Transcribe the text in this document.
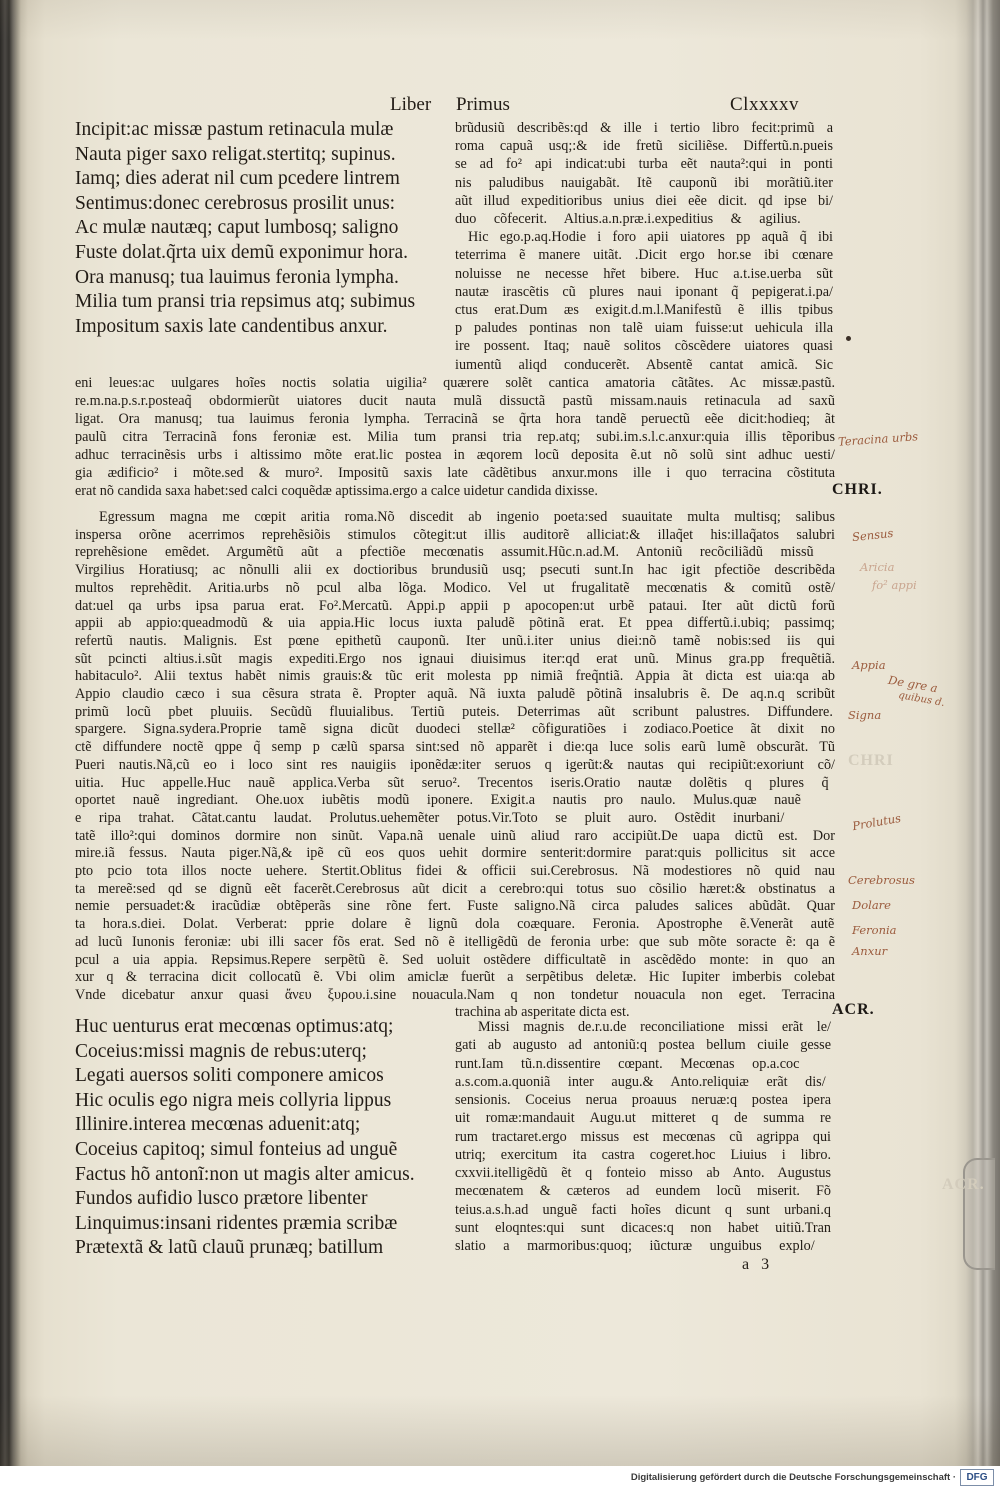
Liber Primus	Clxxxxv
Incipit:ac missæ pastum retinacula mulæ
Nauta piger saxo religat.stertitq; supinus.
Iamq; dies aderat nil cum pcedere lintrem
Sentimus:donec cerebrosus prosilit unus:
Ac mulæ nautæq; caput lumbosq; saligno
Fuste dolat.q̃rta uix demũ exponimur hora.
Ora manusq; tua lauimus feronia lympha.
Milia tum pransi tria repsimus atq; subimus
Impositum saxis late candentibus anxur.
brũdusiũ describẽs:qd & ille i tertio libro fecit:primũ a
roma capuã usq;:& ide fretũ siciliẽse. Differtũ.n.pueis
se ad fo² api indicat:ubi turba eẽt nauta²:qui in ponti
nis paludibus nauigabãt. Itẽ cauponũ ibi morãtiũ.iter
aũt illud expeditioribus unius diei eẽe dicit. qd ipse bi/
duo cõfecerit. Altius.a.n.præ.i.expeditius & agilius.
Hic ego.p.aq.Hodie i foro apii uiatores pp aquã q̃ ibi
teterrima ẽ manere uitãt. .Dicit ergo hor.se ibi cœnare
noluisse ne necesse hr̃et bibere. Huc a.t.ise.uerba sũt
nautæ irascẽtis cũ plures naui iponant q̃ pepigerat.i.pa/
ctus erat.Dum æs exigit.d.m.l.Manifestũ ẽ illis tpibus
p paludes pontinas non talẽ uiam fuisse:ut uehicula illa
ire possent. Itaq; nauẽ solitos cõscẽdere uiatores quasi
iumentũ aliqd conducerẽt. Absentẽ cantat amicã. Sic
eni leues:ac uulgares hoĩes noctis solatia uigilia² quærere solẽt cantica amatoria cãtãtes. Ac missæ.pastũ.
re.m.na.p.s.r.posteaq̃ obdormierũt uiatores ducit nauta mulã dissuctã pastũ missam.nauis retinacula ad saxũ
ligat. Ora manusq; tua lauimus feronia lympha. Terracinã se q̃rta hora tandẽ peruectũ eẽe dicit:hodieq; ãt
paulũ citra Terracinã fons feroniæ est. Milia tum pransi tria rep.atq; subi.im.s.l.c.anxur:quia illis tẽporibus
adhuc terracinẽsis urbs i altissimo mõte erat.lic postea in æqorem locũ deposita ẽ.ut nõ solũ sint adhuc uesti/
gia ædificio² i mõte.sed & muro². Impositũ saxis late cãdẽtibus anxur.mons ille i quo terracina cõstituta
erat nõ candida saxa habet:sed calci coquẽdæ aptissima.ergo a calce uidetur candida dixisse.
Egressum magna me cœpit aritia roma.Nõ discedit ab ingenio poeta:sed suauitate multa multisq; salibus
inspersa orõne acerrimos reprehẽsiõis stimulos cõtegit:ut illis auditorẽ alliciat:& illaq̃et his:illaq̃atos salubri
reprehẽsione emẽdet. Argumẽtũ aũt a pfectiõe mecœnatis assumit.Hũc.n.ad.M. Antoniũ recõciliãdũ missũ
Virgilius Horatiusq; ac nõnulli alii ex doctioribus brundusiũ usq; psecuti sunt.In hac igit pfectiõe describẽda
multos reprehẽdit. Aritia.urbs nõ pcul alba lõga. Modico. Vel ut frugalitatẽ mecœnatis & comitũ ostẽ/
dat:uel qa urbs ipsa parua erat. Fo².Mercatũ. Appi.p appii p apocopen:ut urbẽ pataui. Iter aũt dictũ forũ
appii ab appio:queadmodũ & uia appia.Hic locus iuxta paludẽ põtinã erat. Et ppea differtũ.i.ubiq; passimq;
refertũ nautis. Malignis. Est pœne epithetũ cauponũ. Iter unũ.i.iter unius diei:nõ tamẽ nobis:sed iis qui
sũt pcincti altius.i.sũt magis expediti.Ergo nos ignaui diuisimus iter:qd erat unũ. Minus gra.pp frequẽtiã.
habitaculo². Alii textus habẽt nimis grauis:& tũc erit molesta pp nimiã freq̃ntiã. Appia ãt dicta est uia:qa ab
Appio claudio cæco i sua cẽsura strata ẽ. Propter aquã. Nã iuxta paludẽ põtinã insalubris ẽ. De aq.n.q scribũt
primũ locũ pbet pluuiis. Secũdũ fluuialibus. Tertiũ puteis. Deterrimas aũt scribunt palustres. Diffundere.
spargere. Signa.sydera.Proprie tamẽ signa dicũt duodeci stellæ² cõfiguratiões i zodiaco.Poetice ãt dixit no
ctẽ diffundere noctẽ qppe q̃ semp p cælũ sparsa sint:sed nõ apparẽt i die:qa luce solis earũ lumẽ obscurãt. Tũ
Pueri nautis.Nã,cũ eo i loco sint res nauigiis iponẽdæ:iter seruos q igerũt:& nautas qui recipiũt:exoriunt cõ/
uitia. Huc appelle.Huc nauẽ applica.Verba sũt seruo². Trecentos iseris.Oratio nautæ dolẽtis q plures q̃
oportet nauẽ ingrediant. Ohe.uox iubẽtis modũ iponere. Exigit.a nautis pro naulo. Mulus.quæ nauẽ
e ripa trahat. Cãtat.cantu laudat. Prolutus.uehemẽter potus.Vir.Toto se pluit auro. Ostẽdit inurbani/
tatẽ illo²:qui dominos dormire non sinũt. Vapa.nã uenale uinũ aliud raro accipiũt.De uapa dictũ est. Dor
mire.iã fessus. Nauta piger.Nã,& ipẽ cũ eos quos uehit dormire senterit:dormire parat:quis pollicitus sit acce
pto pcio tota illos nocte uehere. Stertit.Oblitus fidei & officii sui.Cerebrosus. Nã modestiores nõ quid nau
ta mereẽ:sed qd se dignũ eẽt facerẽt.Cerebrosus aũt dicit a cerebro:qui totus suo cõsilio hæret:& obstinatus a
nemie persuadet:& iracũdiæ obtẽperãs sine rõne fert. Fuste saligno.Nã circa paludes salices abũdãt. Quar
ta hora.s.diei. Dolat. Verberat: pprie dolare ẽ lignũ dola coæquare. Feronia. Apostrophe ẽ.Venerãt autẽ
ad lucũ Iunonis feroniæ: ubi illi sacer fõs erat. Sed nõ ẽ itelligẽdũ de feronia urbe: que sub mõte soracte ẽ: qa ẽ
pcul a uia appia. Repsimus.Repere serpẽtũ ẽ. Sed uoluit ostẽdere difficultatẽ in ascẽdẽdo monte: in quo an
xur q & terracina dicit collocatũ ẽ. Vbi olim amiclæ fuerũt a serpẽtibus deletæ. Hic Iupiter imberbis colebat
Vnde dicebatur anxur quasi ἄνευ ξυρου.i.sine nouacula.Nam q non tondetur nouacula non eget. Terracina
trachina ab asperitate dicta est.
Huc uenturus erat mecœnas optimus:atq;
Coceius:missi magnis de rebus:uterq;
Legati auersos soliti componere amicos
Hic oculis ego nigra meis collyria lippus
Illinire.interea mecœnas aduenit:atq;
Coceius capitoq; simul fonteius ad unguẽ
Factus hõ antonĩ:non ut magis alter amicus.
Fundos aufidio lusco prætore libenter
Linquimus:insani ridentes præmia scribæ
Prætextã & latũ clauũ prunæq; batillum
Missi magnis de.r.u.de reconciliatione missi erãt le/
gati ab augusto ad antoniũ:q postea bellum ciuile gesse
runt.Iam tũ.n.dissentire cœpant. Mecœnas op.a.coc
a.s.com.a.quoniã inter augu.& Anto.reliquiæ erãt dis/
sensionis. Coceius nerua proauus neruæ:q postea ipera
uit romæ:mandauit Augu.ut mitteret q de summa re
rum tractaret.ergo missus est mecœnas cũ agrippa qui
utriq; exercitum ita castra cogeret.hoc Liuius i libro.
cxxvii.itelligẽdũ ẽt q fonteio misso ab Anto. Augustus
mecœnatem & cæteros ad eundem locũ miserit. Fõ
teius.a.s.h.ad unguẽ facti hoĩes dicunt q sunt urbani.q
sunt eloqntes:qui sunt dicaces:q non habet uitiũ.Tran
slatio a marmoribus:quoq; iũcturæ unguibus explo/
a 3
Teracina urbs
CHRI.
Sensus
Aricia
fo² appi
Appia
De gre a
quibus d.
Signa
CHRI
Prolutus
Cerebrosus
Dolare
Feronia
Anxur
ACR.
ACR.
Digitalisierung gefördert durch die Deutsche Forschungsgemeinschaft ·	DFG
